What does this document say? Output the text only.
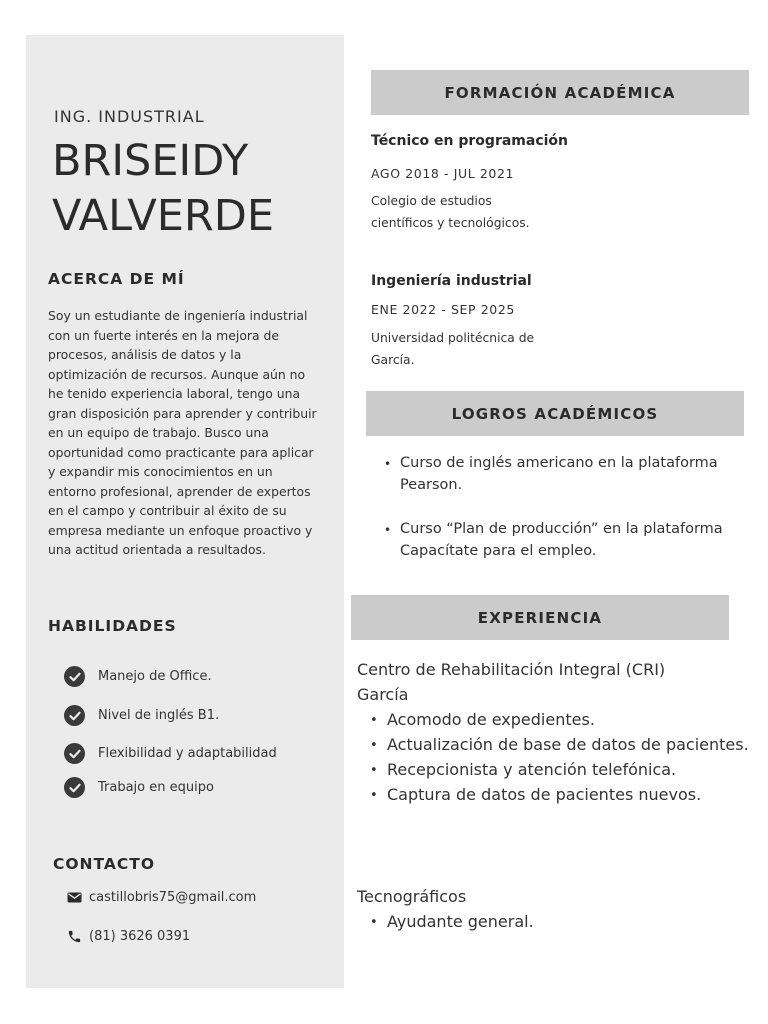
ING. INDUSTRIAL
BRISEIDY
VALVERDE
ACERCA DE MÍ

Soy un estudiante de ingeniería industrial con un fuerte interés en la mejora de procesos, análisis de datos y la optimización de recursos. Aunque aún no he tenido experiencia laboral, tengo una gran disposición para aprender y contribuir en un equipo de trabajo. Busco una oportunidad como practicante para aplicar y expandir mis conocimientos en un entorno profesional, aprender de expertos en el campo y contribuir al éxito de su empresa mediante un enfoque proactivo y una actitud orientada a resultados.

HABILIDADES
Manejo de Office.
Nivel de inglés B1.
Flexibilidad y adaptabilidad
Trabajo en equipo
CONTACTO
castillobris75@gmail.com
(81) 3626 0391
FORMACIÓN ACADÉMICA
Técnico en programación
AGO 2018 - JUL 2021
Colegio de estudios
científicos y tecnológicos.
Ingeniería industrial
ENE 2022 - SEP 2025
Universidad politécnica de
García.
LOGROS ACADÉMICOS
• Curso de inglés americano en la plataforma Pearson.
• Curso “Plan de producción” en la plataforma Capacítate para el empleo.
EXPERIENCIA
Centro de Rehabilitación Integral (CRI) García
• Acomodo de expedientes.
• Actualización de base de datos de pacientes.
• Recepcionista y atención telefónica.
• Captura de datos de pacientes nuevos.
Tecnográficos
• Ayudante general.
